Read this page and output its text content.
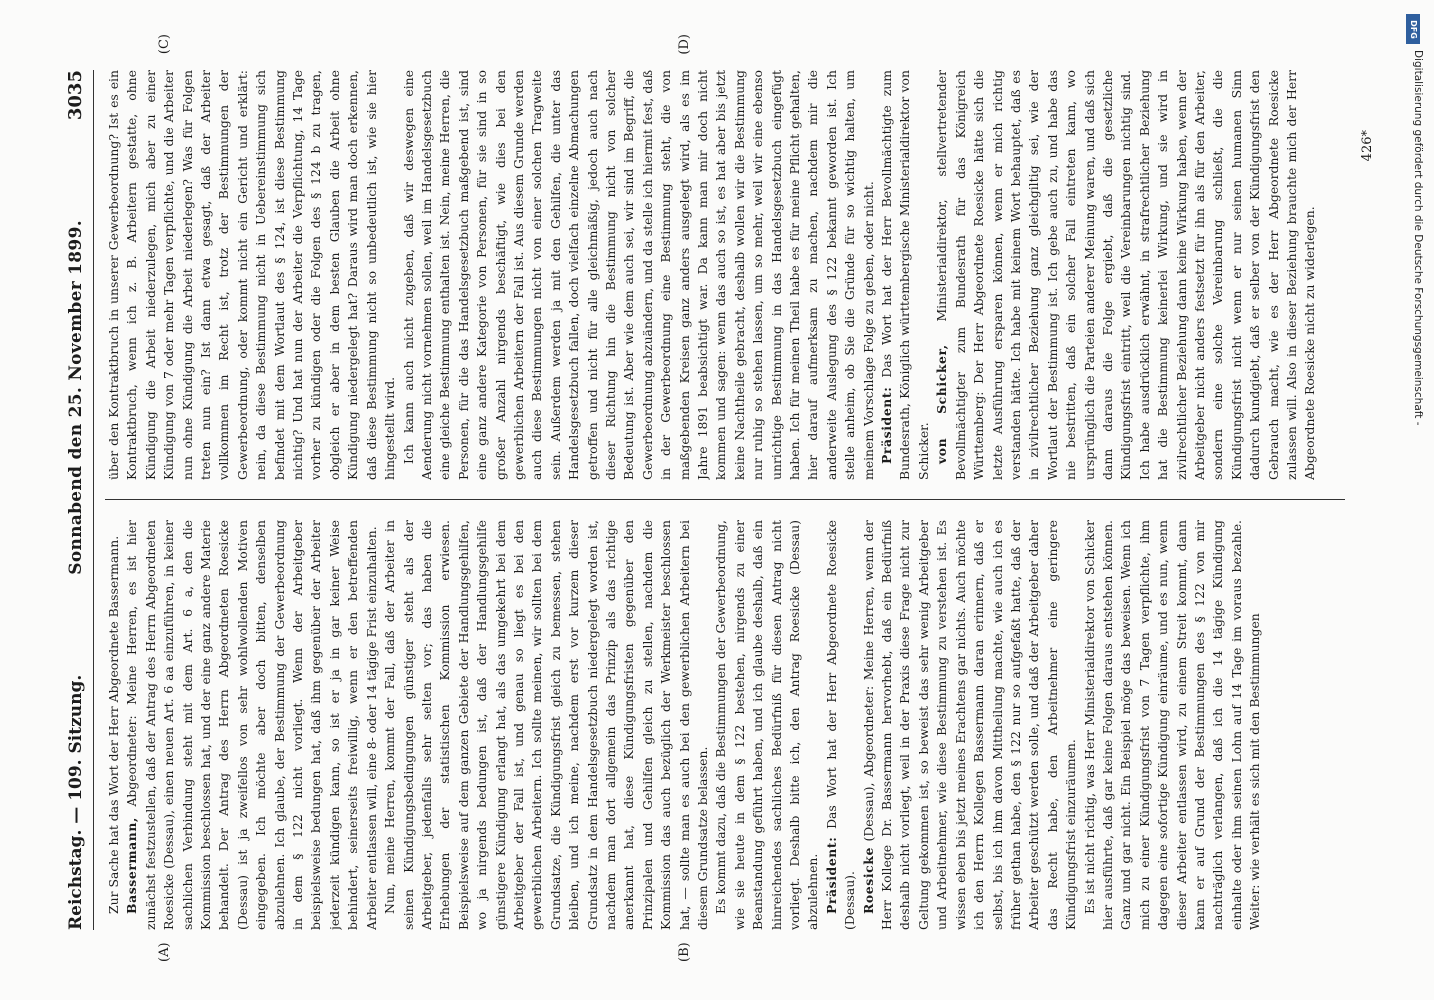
Reichstag. — 109. Sitzung.
Sonnabend den 25. November 1899.
3035
(A)	(B)
(C)	(D)

Zur Sache hat das Wort der Herr Abgeordnete Bassermann. Bassermann, Abgeordneter: Meine Herren, es ist hier zunächst festzustellen, daß der Antrag des Herrn Abgeordneten Roesicke (Dessau), einen neuen Art. 6 aa einzuführen, in keiner sachlichen Verbindung steht mit dem Art. 6 a, den die Kommission beschlossen hat, und der eine ganz andere Materie behandelt. Der Antrag des Herrn Abgeordneten Roesicke (Dessau) ist ja zweifellos von sehr wohlwollenden Motiven eingegeben. Ich möchte aber doch bitten, denselben abzulehnen. Ich glaube, der Bestimmung der Gewerbeordnung in dem § 122 nicht vorliegt. Wenn der Arbeitgeber beispielsweise bedungen hat, daß ihm gegenüber der Arbeiter jederzeit kündigen kann, so ist er ja in gar keiner Weise behindert, seinerseits freiwillig, wenn er den betreffenden Arbeiter entlassen will, eine 8- oder 14 tägige Frist einzuhalten. Nun, meine Herren, kommt der Fall, daß der Arbeiter in seinen Kündigungsbedingungen günstiger steht als der Arbeitgeber, jedenfalls sehr selten vor; das haben die Erhebungen der statistischen Kommission erwiesen. Beispielsweise auf dem ganzen Gebiete der Handlungsgehilfen, wo ja nirgends bedungen ist, daß der Handlungsgehilfe günstigere Kündigung erlangt hat, als das umgekehrt bei dem Arbeitgeber der Fall ist, und genau so liegt es bei den gewerblichen Arbeitern. Ich sollte meinen, wir sollten bei dem Grundsatze, die Kündigungsfrist gleich zu bemessen, stehen bleiben, und ich meine, nachdem erst vor kurzem dieser Grundsatz in dem Handelsgesetzbuch niedergelegt worden ist, nachdem man dort allgemein das Prinzip als das richtige anerkannt hat, diese Kündigungsfristen gegenüber den Prinzipalen und Gehilfen gleich zu stellen, nachdem die Kommission das auch bezüglich der Werkmeister beschlossen hat, — sollte man es auch bei den gewerblichen Arbeitern bei diesem Grundsatze belassen. Es kommt dazu, daß die Bestimmungen der Gewerbeordnung, wie sie heute in dem § 122 bestehen, nirgends zu einer Beanstandung geführt haben, und ich glaube deshalb, daß ein hinreichendes sachliches Bedürfniß für diesen Antrag nicht vorliegt. Deshalb bitte ich, den Antrag Roesicke (Dessau) abzulehnen. Präsident: Das Wort hat der Herr Abgeordnete Roesicke (Dessau). Roesicke (Dessau), Abgeordneter: Meine Herren, wenn der Herr Kollege Dr. Bassermann hervorhebt, daß ein Bedürfniß deshalb nicht vorliegt, weil in der Praxis diese Frage nicht zur Geltung gekommen ist, so beweist das sehr wenig Arbeitgeber und Arbeitnehmer, wie diese Bestimmung zu verstehen ist. Es wissen eben bis jetzt meines Erachtens gar nichts. Auch möchte ich den Herrn Kollegen Bassermann daran erinnern, daß er selbst, bis ich ihm davon Mittheilung machte, wie auch ich es früher gethan habe, den § 122 nur so aufgefaßt hatte, daß der Arbeiter geschützt werden solle, und daß der Arbeitgeber daher das Recht habe, den Arbeitnehmer eine geringere Kündigungsfrist einzuräumen. Es ist nicht richtig, was Herr Ministerialdirektor von Schicker hier ausführte, daß gar keine Folgen daraus entstehen können. Ganz und gar nicht. Ein Beispiel möge das beweisen. Wenn ich mich zu einer Kündigungsfrist von 7 Tagen verpflichte, ihm dagegen eine sofortige Kündigung einräume, und es nun, wenn dieser Arbeiter entlassen wird, zu einem Streit kommt, dann kann er auf Grund der Bestimmungen des § 122 von mir nachträglich verlangen, daß ich die 14 tägige Kündigung einhalte oder ihm seinen Lohn auf 14 Tage im voraus bezahle. Weiter: wie verhält es sich mit den Bestimmungen

über den Kontraktbruch in unserer Gewerbeordnung? Ist es ein Kontraktbruch, wenn ich z. B. Arbeitern gestatte, ohne Kündigung die Arbeit niederzulegen, mich aber zu einer Kündigung von 7 oder mehr Tagen verpflichte, und die Arbeiter nun ohne Kündigung die Arbeit niederlegen? Was für Folgen treten nun ein? Ist dann etwa gesagt, daß der Arbeiter vollkommen im Recht ist, trotz der Bestimmungen der Gewerbeordnung, oder kommt nicht ein Gericht und erklärt: nein, da diese Bestimmung nicht in Uebereinstimmung sich befindet mit dem Wortlaut des § 124, ist diese Bestimmung nichtig? Und hat nun der Arbeiter die Verpflichtung, 14 Tage vorher zu kündigen oder die Folgen des § 124 b zu tragen, obgleich er aber in dem besten Glauben die Arbeit ohne Kündigung niedergelegt hat? Daraus wird man doch erkennen, daß diese Bestimmung nicht so unbedeutlich ist, wie sie hier hingestellt wird. Ich kann auch nicht zugeben, daß wir deswegen eine Aenderung nicht vornehmen sollen, weil im Handelsgesetzbuch eine gleiche Bestimmung enthalten ist. Nein, meine Herren, die Personen, für die das Handelsgesetzbuch maßgebend ist, sind eine ganz andere Kategorie von Personen, für sie sind in so großer Anzahl nirgends beschäftigt, wie dies bei den gewerblichen Arbeitern der Fall ist. Aus diesem Grunde werden auch diese Bestimmungen nicht von einer solchen Tragweite sein. Außerdem werden ja mit den Gehilfen, die unter das Handelsgesetzbuch fallen, doch vielfach einzelne Abmachungen getroffen und nicht für alle gleichmäßig, jedoch auch nach dieser Richtung hin die Bestimmung nicht von solcher Bedeutung ist. Aber wie dem auch sei, wir sind im Begriff, die Gewerbeordnung abzuändern, und da stelle ich hiermit fest, daß in der Gewerbeordnung eine Bestimmung steht, die von maßgebenden Kreisen ganz anders ausgelegt wird, als es im Jahre 1891 beabsichtigt war. Da kann man mir doch nicht kommen und sagen: wenn das auch so ist, es hat aber bis jetzt keine Nachtheile gebracht, deshalb wollen wir die Bestimmung nur ruhig so stehen lassen, um so mehr, weil wir eine ebenso unrichtige Bestimmung in das Handelsgesetzbuch eingefügt haben. Ich für meinen Theil habe es für meine Pflicht gehalten, hier darauf aufmerksam zu machen, nachdem mir die anderweite Auslegung des § 122 bekannt geworden ist. Ich stelle anheim, ob Sie die Gründe für so wichtig halten, um meinem Vorschlage Folge zu geben, oder nicht. Präsident: Das Wort hat der Herr Bevollmächtigte zum Bundesrath, Königlich württembergische Ministerialdirektor von Schicker. von Schicker, Ministerialdirektor, stellvertretender Bevollmächtigter zum Bundesrath für das Königreich Württemberg: Der Herr Abgeordnete Roesicke hätte sich die letzte Ausführung ersparen können, wenn er mich richtig verstanden hätte. Ich habe mit keinem Wort behauptet, daß es in zivilrechtlicher Beziehung ganz gleichgiltig sei, wie der Wortlaut der Bestimmung ist. Ich gebe auch zu, und habe das nie bestritten, daß ein solcher Fall eintreten kann, wo ursprünglich die Parteien anderer Meinung waren, und daß sich dann daraus die Folge ergiebt, daß die gesetzliche Kündigungsfrist eintritt, weil die Vereinbarungen nichtig sind. Ich habe ausdrücklich erwähnt, in strafrechtlicher Beziehung hat die Bestimmung keinerlei Wirkung, und sie wird in zivilrechtlicher Beziehung dann keine Wirkung haben, wenn der Arbeitgeber nicht anders festsetzt für ihn als für den Arbeiter, sondern eine solche Vereinbarung schließt, die die Kündigungsfrist nicht wenn er nur seinen humanen Sinn dadurch kundgiebt, daß er selber von der Kündigungsfrist den Gebrauch macht, wie es der Herr Abgeordnete Roesicke zulassen will. Also in dieser Beziehung brauchte mich der Herr Abgeordnete Roesicke nicht zu widerlegen.

426*
DFG
Digitalisierung gefördert durch die Deutsche Forschungsgemeinschaft -
